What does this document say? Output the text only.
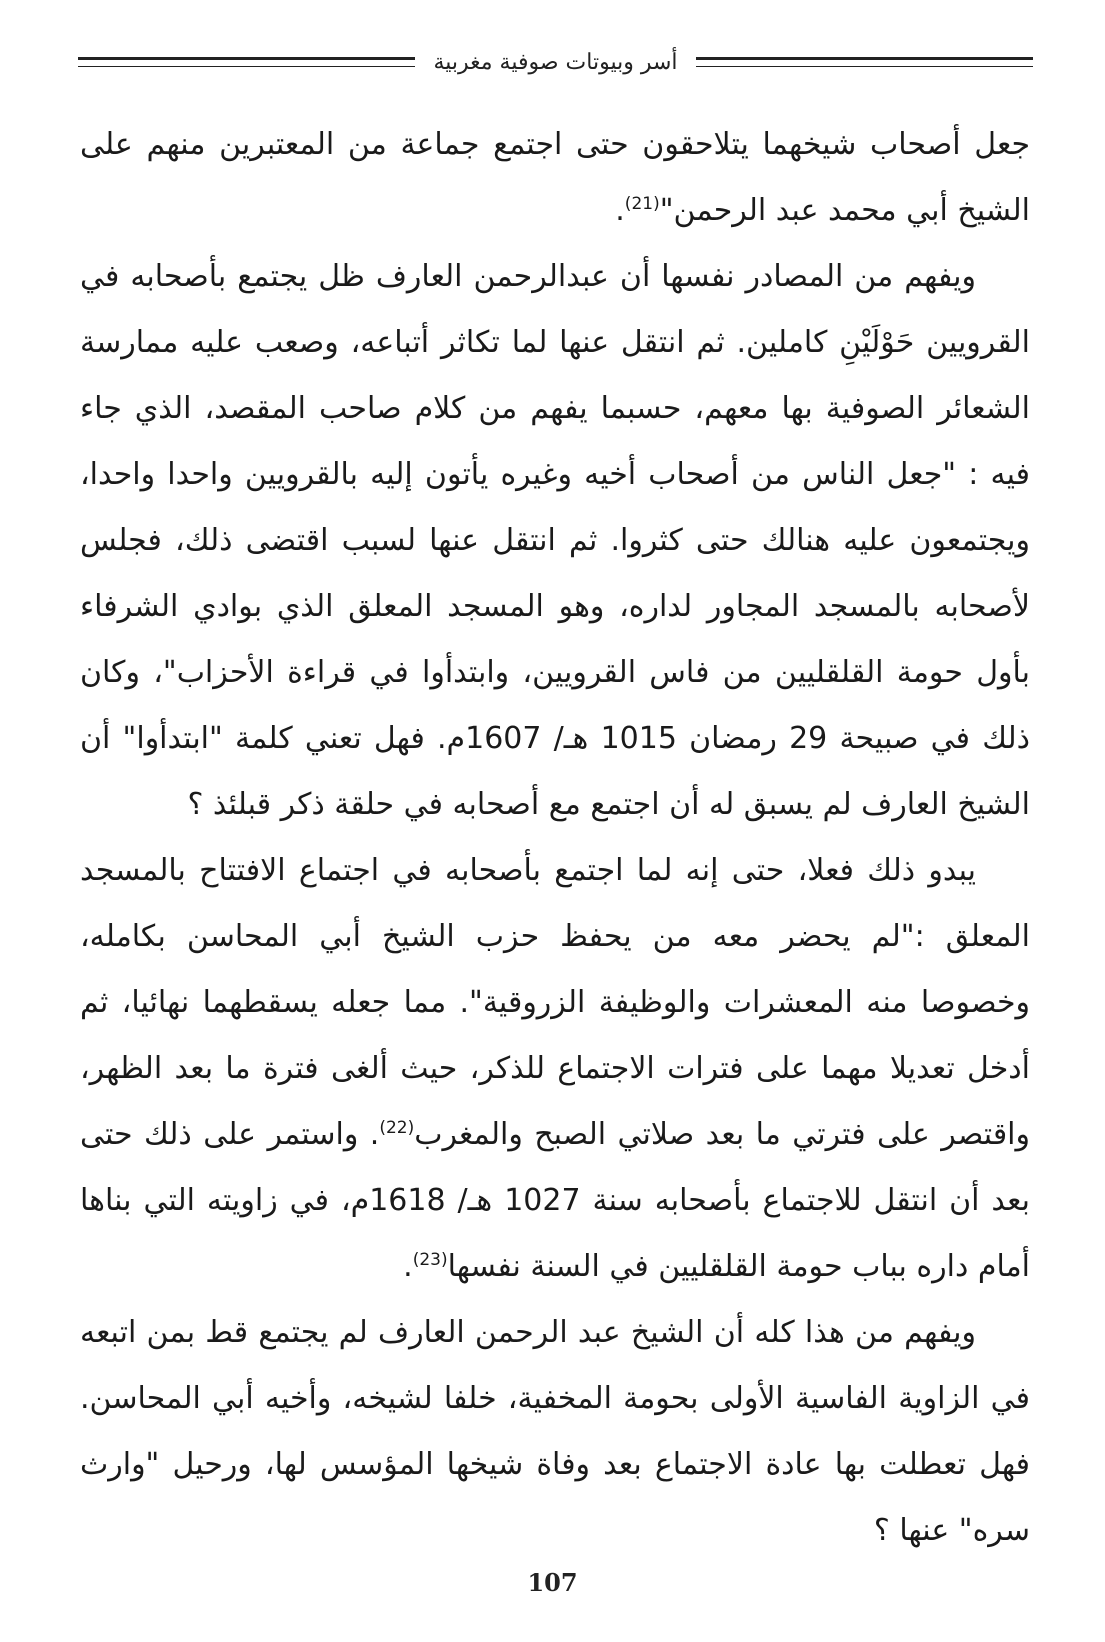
أسر وبيوتات صوفية مغربية

جعل أصحاب شيخهما يتلاحقون حتى اجتمع جماعة من المعتبرين منهم على الشيخ أبي محمد عبد الرحمن"$^{(21)}$.

ويفهم من المصادر نفسها أن عبدالرحمن العارف ظل يجتمع بأصحابه في القرويين حَوْلَيْنِ كاملين. ثم انتقل عنها لما تكاثر أتباعه، وصعب عليه ممارسة الشعائر الصوفية بها معهم، حسبما يفهم من كلام صاحب المقصد، الذي جاء فيه : "جعل الناس من أصحاب أخيه وغيره يأتون إليه بالقرويين واحدا واحدا، ويجتمعون عليه هنالك حتى كثروا. ثم انتقل عنها لسبب اقتضى ذلك، فجلس لأصحابه بالمسجد المجاور لداره، وهو المسجد المعلق الذي بوادي الشرفاء بأول حومة القلقليين من فاس القرويين، وابتدأوا في قراءة الأحزاب"، وكان ذلك في صبيحة 29 رمضان 1015 هـ/ 1607م. فهل تعني كلمة "ابتدأوا" أن الشيخ العارف لم يسبق له أن اجتمع مع أصحابه في حلقة ذكر قبلئذ ؟

يبدو ذلك فعلا، حتى إنه لما اجتمع بأصحابه في اجتماع الافتتاح بالمسجد المعلق :"لم يحضر معه من يحفظ حزب الشيخ أبي المحاسن بكامله، وخصوصا منه المعشرات والوظيفة الزروقية". مما جعله يسقطهما نهائيا، ثم أدخل تعديلا مهما على فترات الاجتماع للذكر، حيث ألغى فترة ما بعد الظهر، واقتصر على فترتي ما بعد صلاتي الصبح والمغرب$^{(22)}$. واستمر على ذلك حتى بعد أن انتقل للاجتماع بأصحابه سنة 1027 هـ/ 1618م، في زاويته التي بناها أمام داره بباب حومة القلقليين في السنة نفسها$^{(23)}$.

ويفهم من هذا كله أن الشيخ عبد الرحمن العارف لم يجتمع قط بمن اتبعه في الزاوية الفاسية الأولى بحومة المخفية، خلفا لشيخه، وأخيه أبي المحاسن. فهل تعطلت بها عادة الاجتماع بعد وفاة شيخها المؤسس لها، ورحيل "وارث سره" عنها ؟

107
